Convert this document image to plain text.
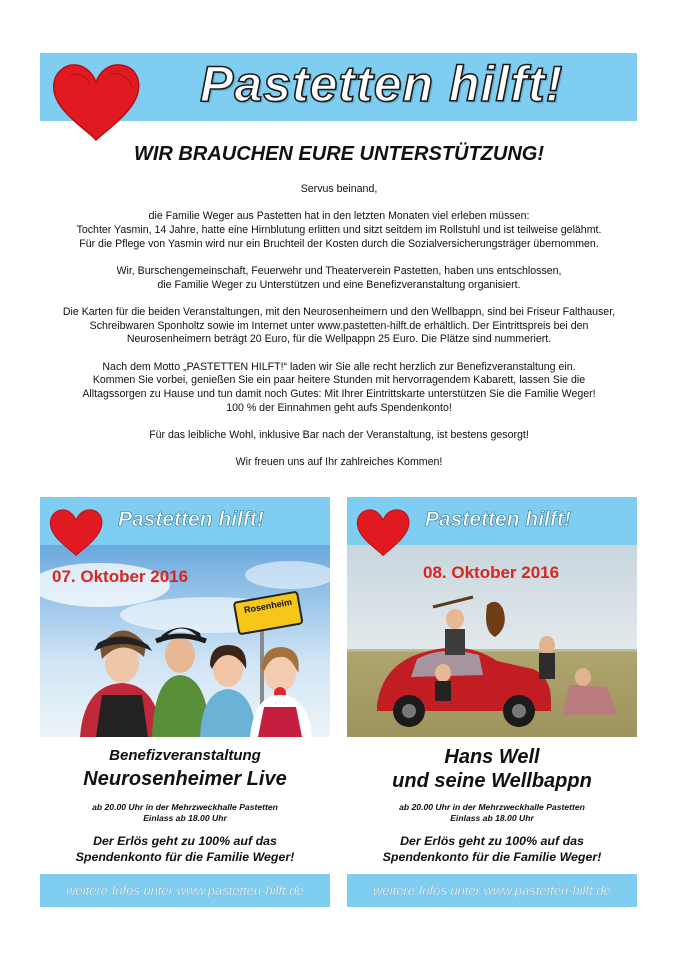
Pastetten hilft!
WIR BRAUCHEN EURE UNTERSTÜTZUNG!

Servus beinand,

die Familie Weger aus Pastetten hat in den letzten Monaten viel erleben müssen:
Tochter Yasmin, 14 Jahre, hatte eine Hirnblutung erlitten und sitzt seitdem im Rollstuhl und ist teilweise gelähmt.
Für die Pflege von Yasmin wird nur ein Bruchteil der Kosten durch die Sozialversicherungsträger übernommen.

Wir, Burschengemeinschaft, Feuerwehr und Theaterverein Pastetten, haben uns entschlossen,
die Familie Weger zu Unterstützen und eine Benefizveranstaltung organisiert.

Die Karten für die beiden Veranstaltungen, mit den Neurosenheimern und den Wellbappn, sind bei Friseur Falthauser,
Schreibwaren Sponholtz sowie im Internet unter www.pastetten-hilft.de erhältlich. Der Eintrittspreis bei den
Neurosenheimern beträgt 20 Euro, für die Wellpappn 25 Euro. Die Plätze sind nummeriert.

Nach dem Motto „PASTETTEN HILFT!“ laden wir Sie alle recht herzlich zur Benefizveranstaltung ein.
Kommen Sie vorbei, genießen Sie ein paar heitere Stunden mit hervorragendem Kabarett, lassen Sie die
Alltagssorgen zu Hause und tun damit noch Gutes: Mit Ihrer Eintrittskarte unterstützen Sie die Familie Weger!
100 % der Einnahmen geht aufs Spendenkonto!

Für das leibliche Wohl, inklusive Bar nach der Veranstaltung, ist bestens gesorgt!

Wir freuen uns auf Ihr zahlreiches Kommen!

Pastetten hilft!
07. Oktober 2016
Rosenheim
Benefizveranstaltung
Neurosenheimer Live
ab 20.00 Uhr in der Mehrzweckhalle Pastetten
Einlass ab 18.00 Uhr
Der Erlös geht zu 100% auf das
Spendenkonto für die Familie Weger!
weitere Infos unter www.pastetten-hilft.de
Pastetten hilft!
08. Oktober 2016
Hans Well
und seine Wellbappn
ab 20.00 Uhr in der Mehrzweckhalle Pastetten
Einlass ab 18.00 Uhr
Der Erlös geht zu 100% auf das
Spendenkonto für die Familie Weger!
weitere Infos unter www.pastetten-hilft.de
